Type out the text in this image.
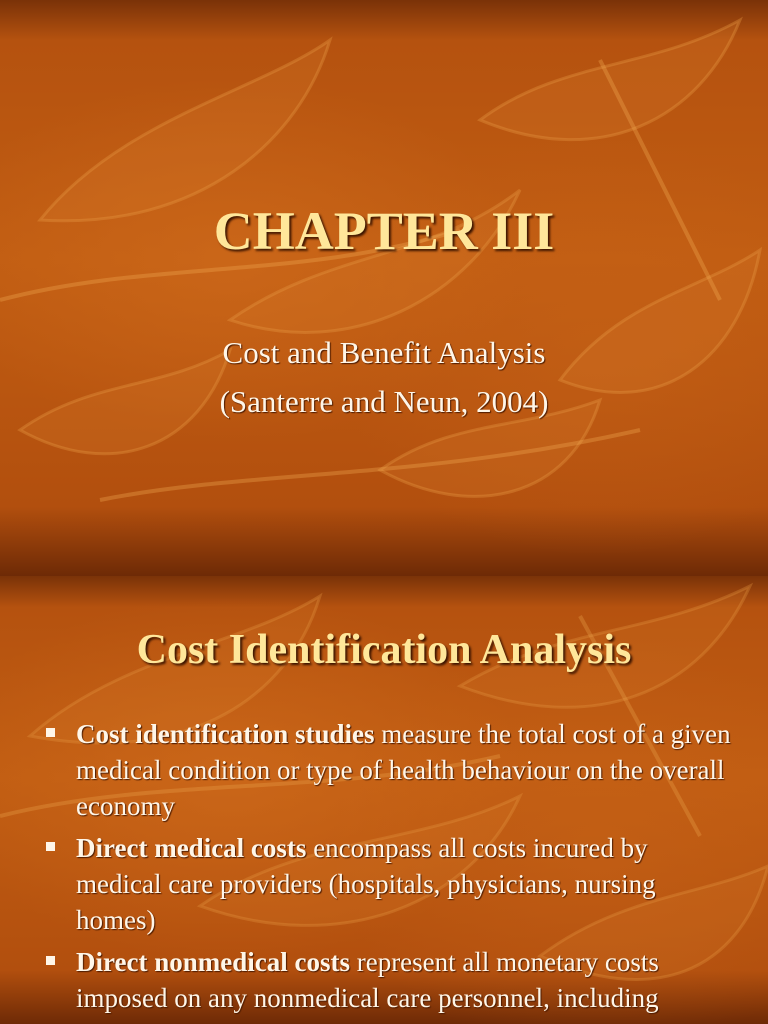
CHAPTER III
Cost and Benefit Analysis
(Santerre and Neun, 2004)
Cost Identification Analysis
Cost identification studies measure the total cost of a given medical condition or type of health behaviour on the overall economy
Direct medical costs encompass all costs incured by medical care providers (hospitals, physicians, nursing homes)
Direct nonmedical costs represent all monetary costs imposed on any nonmedical care personnel, including
